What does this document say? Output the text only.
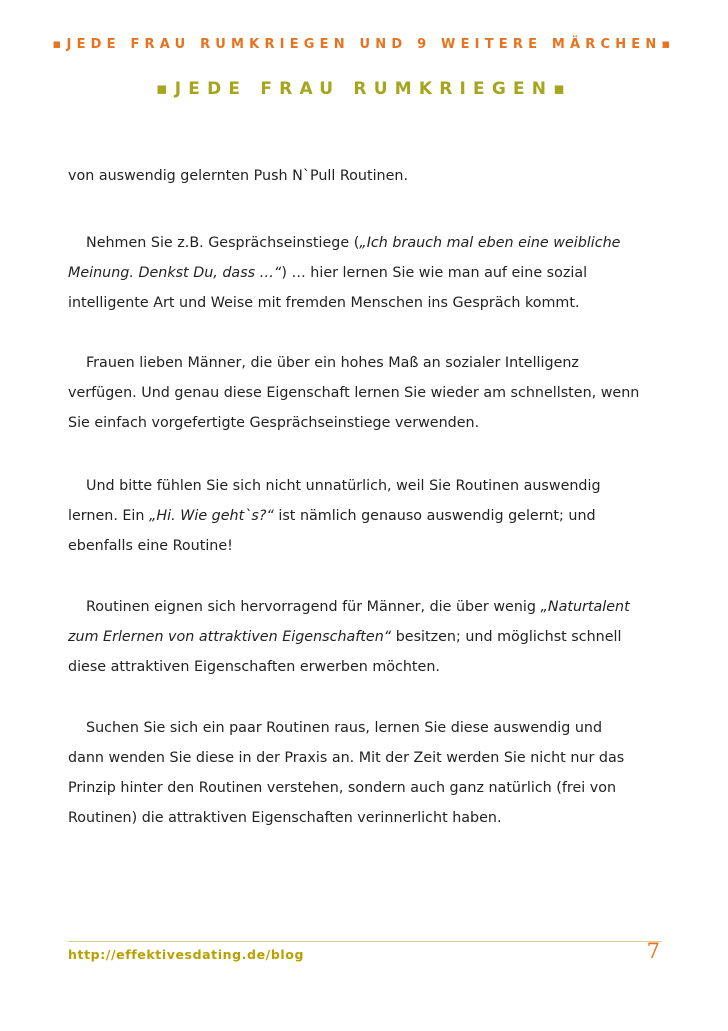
▪JEDE FRAU RUMKRIEGEN UND 9 WEITERE MÄRCHEN▪
▪JEDE FRAU RUMKRIEGEN▪

von auswendig gelernten Push N`Pull Routinen.

Nehmen Sie z.B. Gesprächseinstiege („Ich brauch mal eben eine weibliche
Meinung. Denkst Du, dass …“) … hier lernen Sie wie man auf eine sozial
intelligente Art und Weise mit fremden Menschen ins Gespräch kommt.

Frauen lieben Männer, die über ein hohes Maß an sozialer Intelligenz
verfügen. Und genau diese Eigenschaft lernen Sie wieder am schnellsten, wenn
Sie einfach vorgefertigte Gesprächseinstiege verwenden.

Und bitte fühlen Sie sich nicht unnatürlich, weil Sie Routinen auswendig
lernen. Ein „Hi. Wie geht`s?“ ist nämlich genauso auswendig gelernt; und
ebenfalls eine Routine!

Routinen eignen sich hervorragend für Männer, die über wenig „Naturtalent
zum Erlernen von attraktiven Eigenschaften“ besitzen; und möglichst schnell
diese attraktiven Eigenschaften erwerben möchten.

Suchen Sie sich ein paar Routinen raus, lernen Sie diese auswendig und
dann wenden Sie diese in der Praxis an. Mit der Zeit werden Sie nicht nur das
Prinzip hinter den Routinen verstehen, sondern auch ganz natürlich (frei von
Routinen) die attraktiven Eigenschaften verinnerlicht haben.

http://effektivesdating.de/blog	7
